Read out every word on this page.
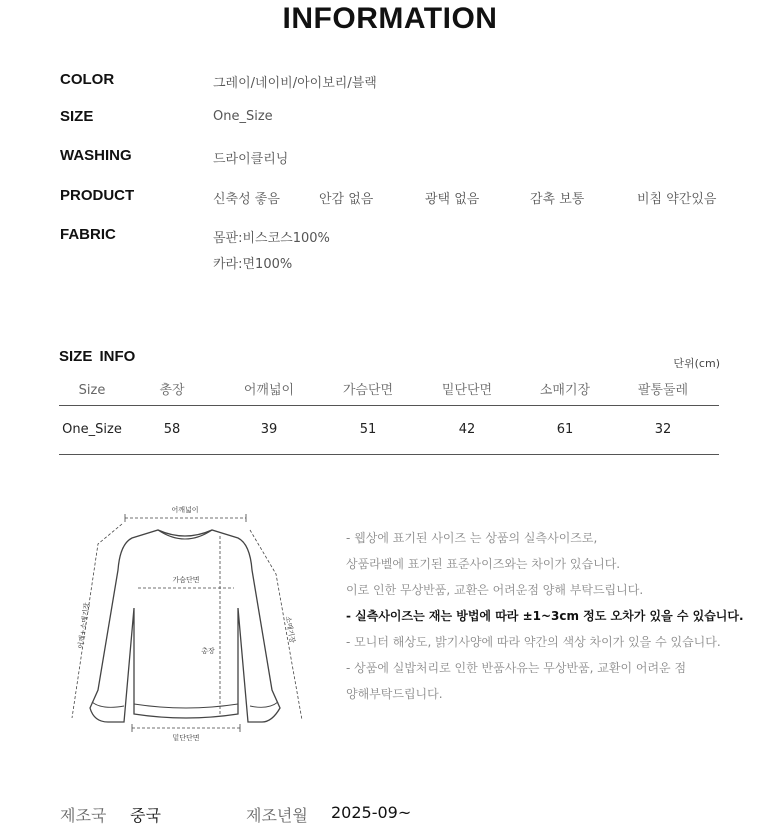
INFORMATION
COLOR	그레이/네이비/아이보리/블랙
SIZE	One_Size
WASHING	드라이클리닝
PRODUCT	신축성 좋음	안감 없음	광택 없음	감촉 보통	비침 약간있음
FABRIC	몸판:비스코스100%
카라:면100%
SIZE INFO	단위(cm)
Size	총장	어깨넓이	가슴단면	밑단단면	소매기장	팔통둘레
One_Size	58	39	51	42	61	32
어깨넓이
가슴단면
총장
어깨+소매기장	소매기장
밑단단면
- 웹상에 표기된 사이즈 는 상품의 실측사이즈로,
상품라벨에 표기된 표준사이즈와는 차이가 있습니다.
이로 인한 무상반품, 교환은 어려운점 양해 부탁드립니다.
- 실측사이즈는 재는 방법에 따라 ±1~3cm 정도 오차가 있을 수 있습니다.
- 모니터 해상도, 밝기사양에 따라 약간의 색상 차이가 있을 수 있습니다.
- 상품에 실밥처리로 인한 반품사유는 무상반품, 교환이 어려운 점
양해부탁드립니다.
제조국 중국	제조년월 2025-09~
